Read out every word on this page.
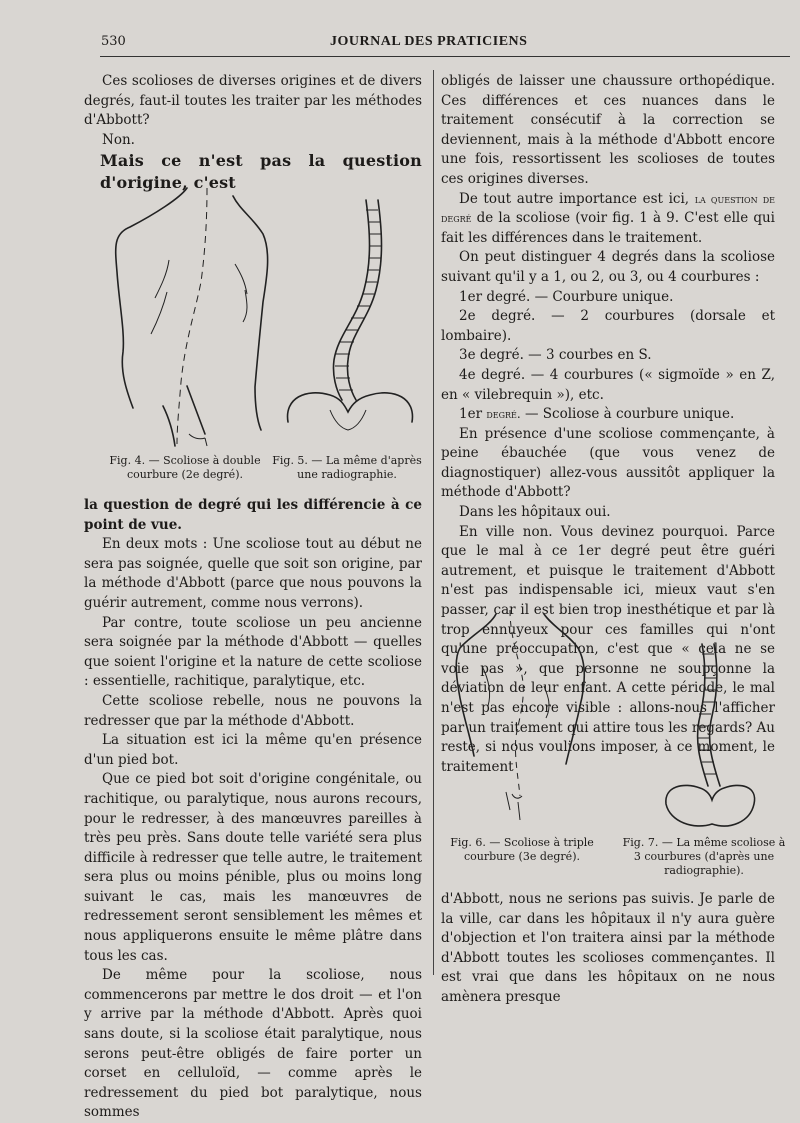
530	JOURNAL DES PRATICIENS

Ces scolioses de diverses origines et de divers degrés, faut-il toutes les traiter par les méthodes d'Abbott?

Non.

Mais ce n'est pas la question d'origine, c'est

Fig. 4. — Scoliose à double courbure (2e degré).
Fig. 5. — La même d'après une radiographie.

la question de degré qui les différencie à ce point de vue.

En deux mots : Une scoliose tout au début ne sera pas soignée, quelle que soit son origine, par la méthode d'Abbott (parce que nous pouvons la guérir autrement, comme nous verrons).

Par contre, toute scoliose un peu ancienne sera soignée par la méthode d'Abbott — quelles que soient l'origine et la nature de cette scoliose : essentielle, rachitique, paralytique, etc.

Cette scoliose rebelle, nous ne pouvons la redresser que par la méthode d'Abbott.

La situation est ici la même qu'en présence d'un pied bot.

Que ce pied bot soit d'origine congénitale, ou rachitique, ou paralytique, nous aurons recours, pour le redresser, à des manœuvres pareilles à très peu près. Sans doute telle variété sera plus difficile à redresser que telle autre, le traitement sera plus ou moins pénible, plus ou moins long suivant le cas, mais les manœuvres de redressement seront sensiblement les mêmes et nous appliquerons ensuite le même plâtre dans tous les cas.

De même pour la scoliose, nous commencerons par mettre le dos droit — et l'on y arrive par la méthode d'Abbott. Après quoi sans doute, si la scoliose était paralytique, nous serons peut-être obligés de faire porter un corset en celluloïd, — comme après le redressement du pied bot paralytique, nous sommes

obligés de laisser une chaussure orthopédique. Ces différences et ces nuances dans le traitement consécutif à la correction se deviennent, mais à la méthode d'Abbott encore une fois, ressortissent les scolioses de toutes ces origines diverses.

De tout autre importance est ici, la question de degré de la scoliose (voir fig. 1 à 9. C'est elle qui fait les différences dans le traitement.

On peut distinguer 4 degrés dans la scoliose suivant qu'il y a 1, ou 2, ou 3, ou 4 courbures :

1er degré. — Courbure unique.

2e degré. — 2 courbures (dorsale et lombaire).

3e degré. — 3 courbes en S.

4e degré. — 4 courbures (« sigmoïde » en Z, en « vilebrequin »), etc.

1er degré. — Scoliose à courbure unique.

En présence d'une scoliose commençante, à peine ébauchée (que vous venez de diagnostiquer) allez-vous aussitôt appliquer la méthode d'Abbott?

Dans les hôpitaux oui.

En ville non. Vous devinez pourquoi. Parce que le mal à ce 1er degré peut être guéri autrement, et puisque le traitement d'Abbott n'est pas indispensable ici, mieux vaut s'en passer, car il est bien trop inesthétique et par là trop ennuyeux pour ces familles qui n'ont qu'une préoccupation, c'est que « cela ne se voie pas », que personne ne soupçonne la déviation de leur enfant. A cette période, le mal n'est pas encore visible : allons-nous l'afficher par un traitement qui attire tous les regards? Au reste, si nous voulions imposer, à ce moment, le traitement

Fig. 6. — Scoliose à triple courbure (3e degré).
Fig. 7. — La même scoliose à 3 courbures (d'après une radiographie).

d'Abbott, nous ne serions pas suivis. Je parle de la ville, car dans les hôpitaux il n'y aura guère d'objection et l'on traitera ainsi par la méthode d'Abbott toutes les scolioses commençantes. Il est vrai que dans les hôpitaux on ne nous amènera presque
